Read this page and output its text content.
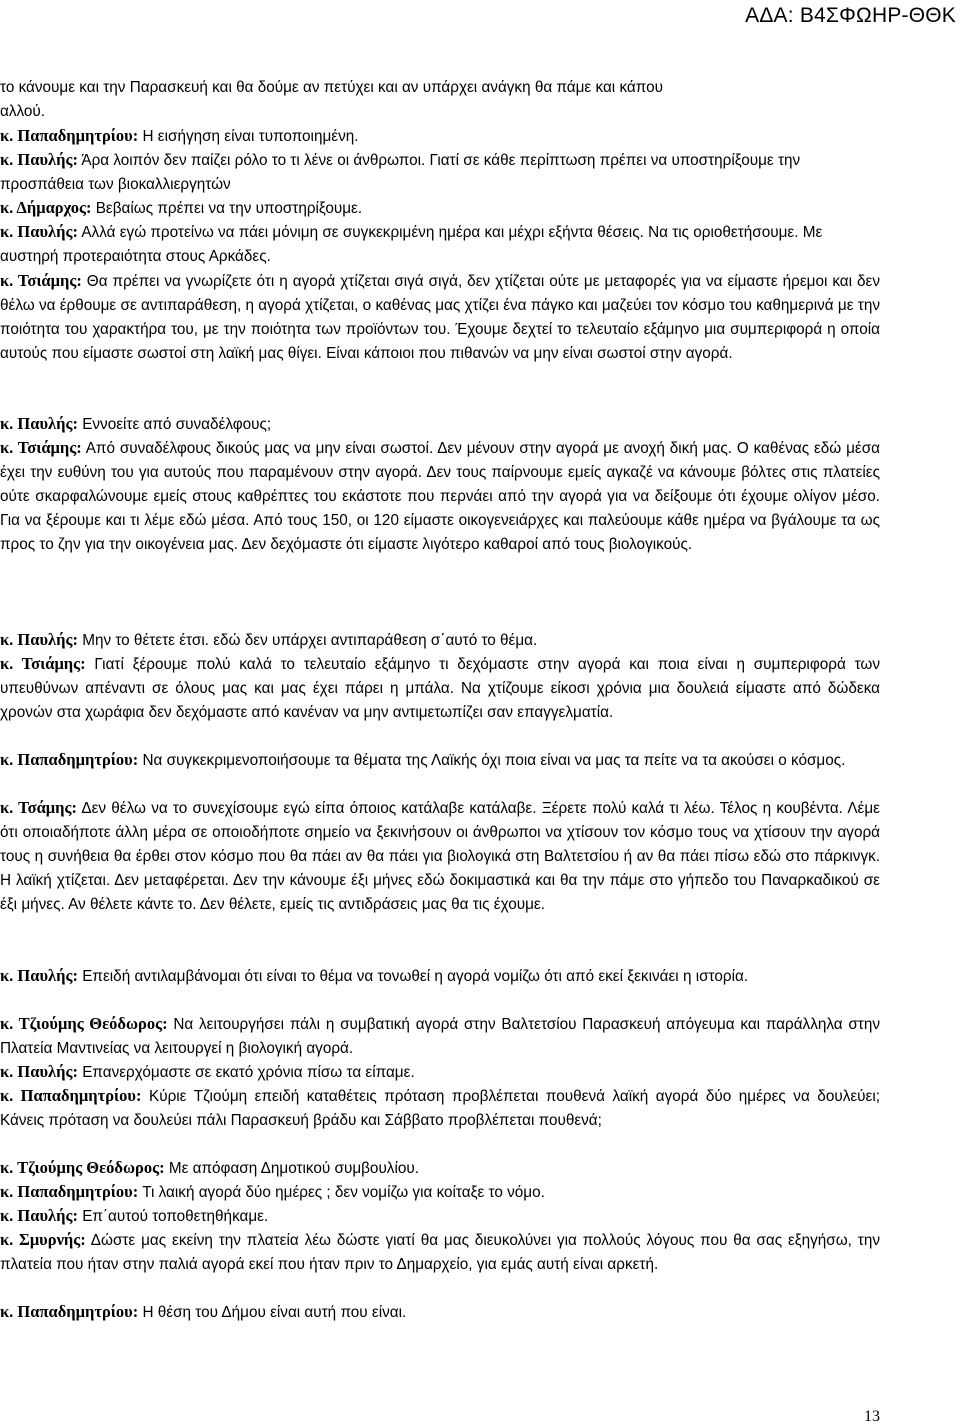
ΑΔΑ: Β4ΣΦΩΗΡ-ΘΘΚ
το κάνουμε και την Παρασκευή και θα δούμε αν πετύχει και αν υπάρχει ανάγκη θα πάμε και κάπου
αλλού.
κ. Παπαδημητρίου: Η εισήγηση είναι τυποποιημένη.
κ. Παυλής: Άρα λοιπόν δεν παίζει ρόλο το τι λένε οι άνθρωποι. Γιατί σε κάθε περίπτωση πρέπει να υποστηρίξουμε την προσπάθεια των βιοκαλλιεργητών
κ. Δήμαρχος: Βεβαίως πρέπει να την υποστηρίξουμε.
κ. Παυλής: Αλλά εγώ προτείνω να πάει μόνιμη σε συγκεκριμένη ημέρα και μέχρι εξήντα θέσεις. Να τις οριοθετήσουμε. Με αυστηρή προτεραιότητα στους Αρκάδες.
κ. Τσιάμης: Θα πρέπει να γνωρίζετε ότι η αγορά χτίζεται σιγά σιγά, δεν χτίζεται ούτε με μεταφορές για να είμαστε ήρεμοι και δεν θέλω να έρθουμε σε αντιπαράθεση, η αγορά χτίζεται, ο καθένας μας χτίζει ένα πάγκο και μαζεύει τον κόσμο του καθημερινά με την ποιότητα του χαρακτήρα του, με την ποιότητα των προϊόντων του. Έχουμε δεχτεί το τελευταίο εξάμηνο μια συμπεριφορά η οποία αυτούς που είμαστε σωστοί στη λαϊκή μας θίγει. Είναι κάποιοι που πιθανών να μην είναι σωστοί στην αγορά.
κ. Παυλής: Εννοείτε από συναδέλφους;
κ. Τσιάμης: Από συναδέλφους δικούς μας να μην είναι σωστοί. Δεν μένουν στην αγορά με ανοχή δική μας. Ο καθένας εδώ μέσα έχει την ευθύνη του για αυτούς που παραμένουν στην αγορά. Δεν τους παίρνουμε εμείς αγκαζέ να κάνουμε βόλτες στις πλατείες ούτε σκαρφαλώνουμε εμείς στους καθρέπτες του εκάστοτε που περνάει από την αγορά για να δείξουμε ότι έχουμε ολίγον μέσο. Για να ξέρουμε και τι λέμε εδώ μέσα. Από τους 150, οι 120 είμαστε οικογενειάρχες και παλεύουμε κάθε ημέρα να βγάλουμε τα ως προς το ζην για την οικογένεια μας. Δεν δεχόμαστε ότι είμαστε λιγότερο καθαροί από τους βιολογικούς.
κ. Παυλής: Μην το θέτετε έτσι. εδώ δεν υπάρχει αντιπαράθεση σ΄αυτό το θέμα.
κ. Τσιάμης: Γιατί ξέρουμε πολύ καλά το τελευταίο εξάμηνο τι δεχόμαστε στην αγορά και ποια είναι η συμπεριφορά των υπευθύνων απέναντι σε όλους μας και μας έχει πάρει η μπάλα. Να χτίζουμε είκοσι χρόνια μια δουλειά είμαστε από δώδεκα χρονών στα χωράφια δεν δεχόμαστε από κανέναν να μην αντιμετωπίζει σαν επαγγελματία.
κ. Παπαδημητρίου: Να συγκεκριμενοποιήσουμε τα θέματα της Λαϊκής όχι ποια είναι να μας τα πείτε να τα ακούσει ο κόσμος.
κ. Τσάμης: Δεν θέλω να το συνεχίσουμε εγώ είπα όποιος κατάλαβε κατάλαβε. Ξέρετε πολύ καλά τι λέω. Τέλος η κουβέντα. Λέμε ότι οποιαδήποτε άλλη μέρα σε οποιοδήποτε σημείο να ξεκινήσουν οι άνθρωποι να χτίσουν τον κόσμο τους να χτίσουν την αγορά τους η συνήθεια θα έρθει στον κόσμο που θα πάει αν θα πάει για βιολογικά στη Βαλτετσίου ή αν θα πάει πίσω εδώ στο πάρκινγκ. Η λαϊκή χτίζεται. Δεν μεταφέρεται. Δεν την κάνουμε έξι μήνες εδώ δοκιμαστικά και θα την πάμε στο γήπεδο του Παναρκαδικού σε έξι μήνες. Αν θέλετε κάντε το. Δεν θέλετε, εμείς τις αντιδράσεις μας θα τις έχουμε.
κ. Παυλής: Επειδή αντιλαμβάνομαι ότι είναι το θέμα να τονωθεί η αγορά νομίζω ότι από εκεί ξεκινάει η ιστορία.
κ. Τζιούμης Θεόδωρος: Να λειτουργήσει πάλι η συμβατική αγορά στην Βαλτετσίου Παρασκευή απόγευμα και παράλληλα στην Πλατεία Μαντινείας να λειτουργεί η βιολογική αγορά.
κ. Παυλής: Επανερχόμαστε σε εκατό χρόνια πίσω τα είπαμε.
κ. Παπαδημητρίου: Κύριε Τζιούμη επειδή καταθέτεις πρόταση προβλέπεται πουθενά λαϊκή αγορά δύο ημέρες να δουλεύει; Κάνεις πρόταση να δουλεύει πάλι Παρασκευή βράδυ και Σάββατο προβλέπεται πουθενά;
κ. Τζιούμης Θεόδωρος: Με απόφαση Δημοτικού συμβουλίου.
κ. Παπαδημητρίου: Τι λαική αγορά δύο ημέρες ; δεν νομίζω για κοίταξε το νόμο.
κ. Παυλής: Επ΄αυτού τοποθετηθήκαμε.
κ. Σμυρνής: Δώστε μας εκείνη την πλατεία λέω δώστε γιατί θα μας διευκολύνει για πολλούς λόγους που θα σας εξηγήσω, την πλατεία που ήταν στην παλιά αγορά εκεί που ήταν πριν το Δημαρχείο, για εμάς αυτή είναι αρκετή.
κ. Παπαδημητρίου: Η θέση του Δήμου είναι αυτή που είναι.
13
